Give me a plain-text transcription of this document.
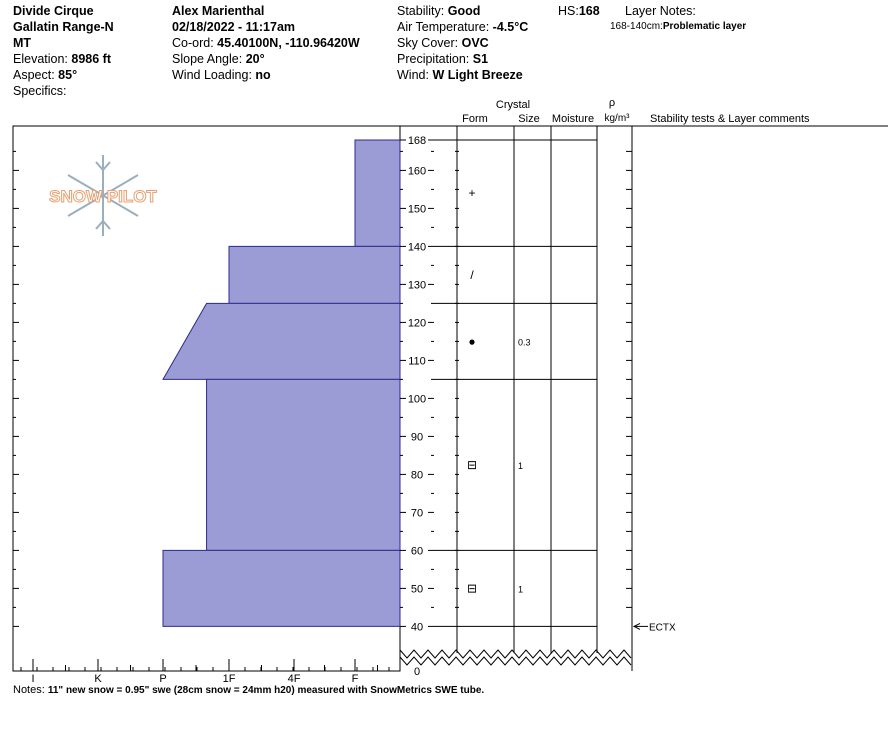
Divide Cirque
Gallatin Range-N
MT
Elevation: 8986 ft
Aspect: 85°
Specifics:
Alex Marienthal
02/18/2022 - 11:17am
Co-ord: 45.40100N, -110.96420W
Slope Angle: 20°
Wind Loading: no
Stability: Good
Air Temperature: -4.5°C
Sky Cover: OVC
Precipitation: S1
Wind: W Light Breeze
HS:168 Layer Notes:
168-140cm:Problematic layer
SNOW PILOT
I	K	P	1F	4F	F
0
40
50
60
70
80
90
100
110
120
130
140
150
160
168
Crystal
Form	Size Moisture
ρ
kg/m³ Stability tests & Layer comments
+
/
●	0.3
⊟	1
⊟	1
ECTX
Notes: 11" new snow = 0.95" swe (28cm snow = 24mm h20) measured with SnowMetrics SWE tube.
